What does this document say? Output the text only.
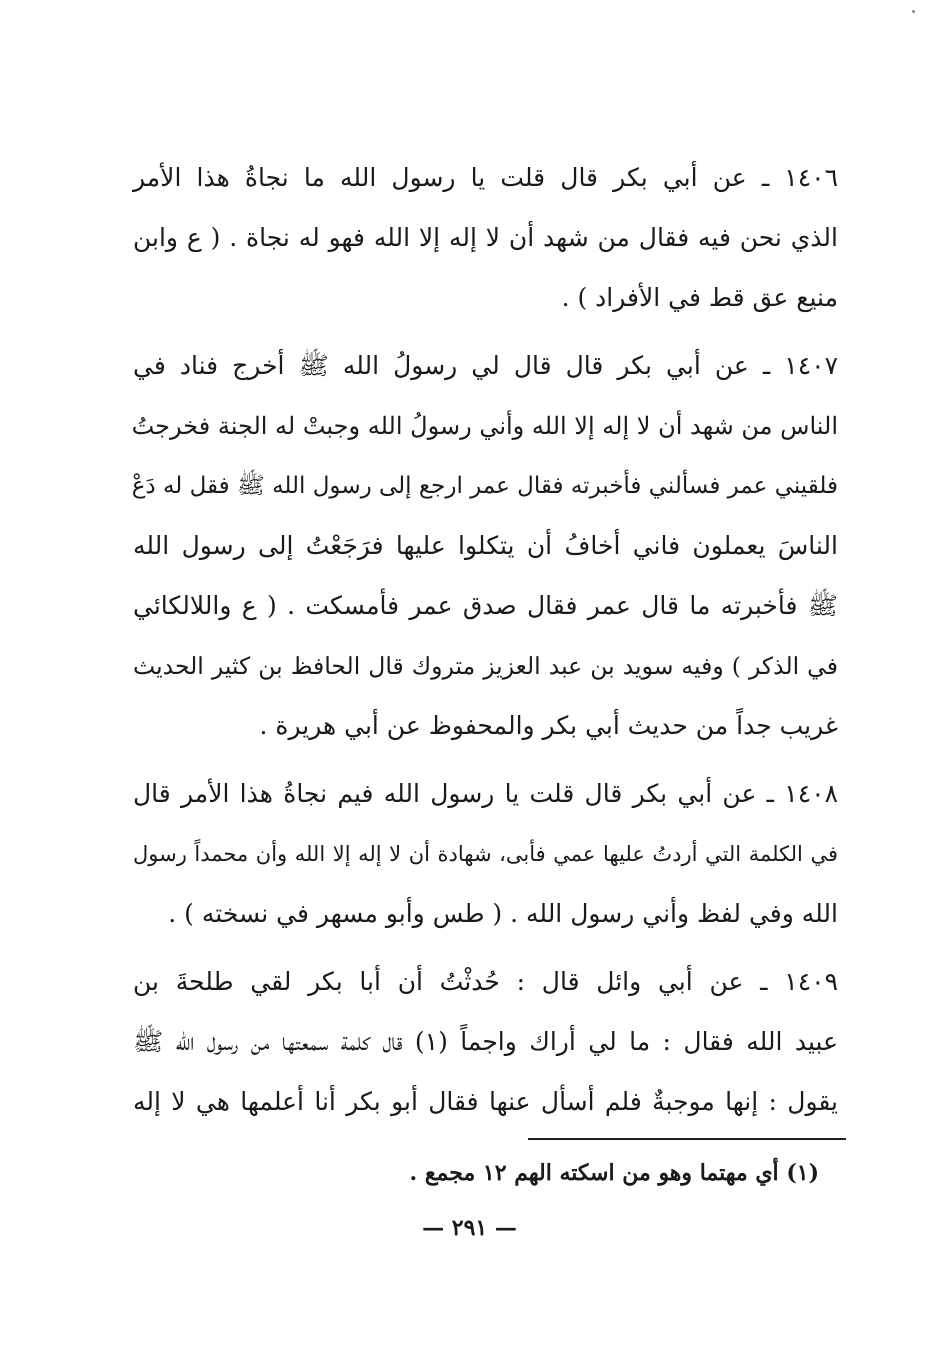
١٤٠٦ ـ عن أبي بكر قال قلت يا رسول الله ما نجاةُ هذا الأمر
الذي نحن فيه فقال من شهد أن لا إله إلا الله فهو له نجاة . ( ع وابن
منيع عق قط في الأفراد ) .
١٤٠٧ ـ عن أبي بكر قال قال لي رسولُ الله ﷺ أخرج فناد في
الناس من شهد أن لا إله إلا الله وأني رسولُ الله وجبتْ له الجنة فخرجتُ
فلقيني عمر فسألني فأخبرته فقال عمر ارجع إلى رسول الله ﷺ فقل له دَعْ
الناسَ يعملون فاني أخافُ أن يتكلوا عليها فرَجَعْتُ إلى رسول الله
ﷺ فأخبرته ما قال عمر فقال صدق عمر فأمسكت . ( ع واللالكائي
في الذكر ) وفيه سويد بن عبد العزيز متروك قال الحافظ بن كثير الحديث
غريب جداً من حديث أبي بكر والمحفوظ عن أبي هريرة .
١٤٠٨ ـ عن أبي بكر قال قلت يا رسول الله فيم نجاةُ هذا الأمر قال
في الكلمة التي أردتُ عليها عمي فأبى، شهادة أن لا إله إلا الله وأن محمداً رسول
الله وفي لفظ وأني رسول الله . ( طس وأبو مسهر في نسخته ) .
١٤٠٩ ـ عن أبي وائل قال : حُدثْتُ أن أبا بكر لقي طلحةَ بن
عبيد الله فقال : ما لي أراك واجماً (١) قال كلمة سمعتها من رسول الله ﷺ
يقول : إنها موجبةٌ فلم أسأل عنها فقال أبو بكر أنا أعلمها هي لا إله
(١) أي مهتما وهو من اسكته الهم ١٢ مجمع .
— ٢٩١ —
